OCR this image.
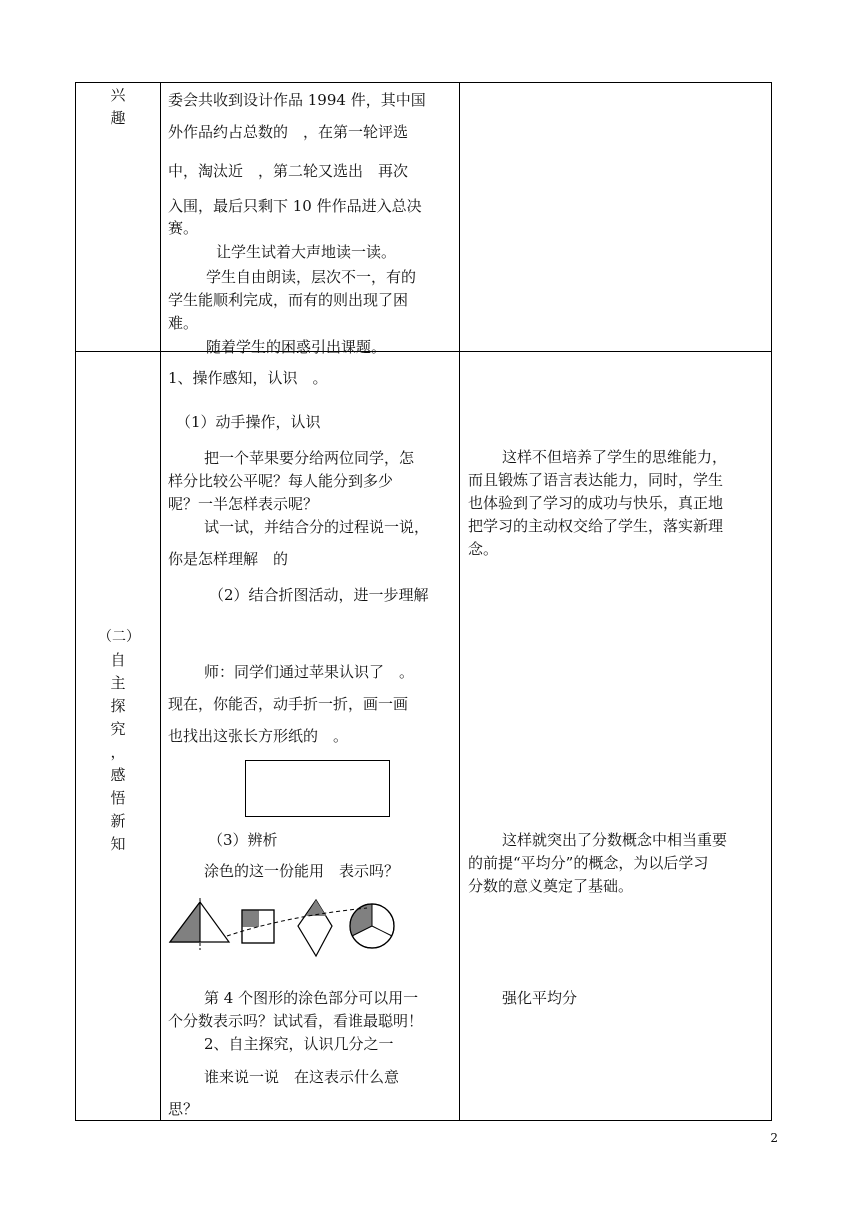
兴
趣
（二）
自
主
探
究
，
感
悟
新
知
委会共收到设计作品 1994 件，其中国
外作品约占总数的　，在第一轮评选
中，淘汰近　，第二轮又选出　再次
入围，最后只剩下 10 件作品进入总决
赛。
让学生试着大声地读一读。
学生自由朗读，层次不一，有的
学生能顺利完成，而有的则出现了困
难。
随着学生的困惑引出课题。
1、操作感知，认识　。
（1）动手操作，认识
把一个苹果要分给两位同学，怎
样分比较公平呢？每人能分到多少
呢？一半怎样表示呢？
试一试，并结合分的过程说一说，
你是怎样理解　的
（2）结合折图活动，进一步理解
师：同学们通过苹果认识了　。
现在，你能否，动手折一折，画一画
也找出这张长方形纸的　。
（3）辨析
涂色的这一份能用　表示吗？
第 4 个图形的涂色部分可以用一
个分数表示吗？试试看，看谁最聪明！
2、自主探究，认识几分之一
谁来说一说　在这表示什么意
思？
这样不但培养了学生的思维能力，
而且锻炼了语言表达能力，同时，学生
也体验到了学习的成功与快乐，真正地
把学习的主动权交给了学生，落实新理
念。
这样就突出了分数概念中相当重要
的前提“平均分”的概念，为以后学习
分数的意义奠定了基础。
强化平均分
2
